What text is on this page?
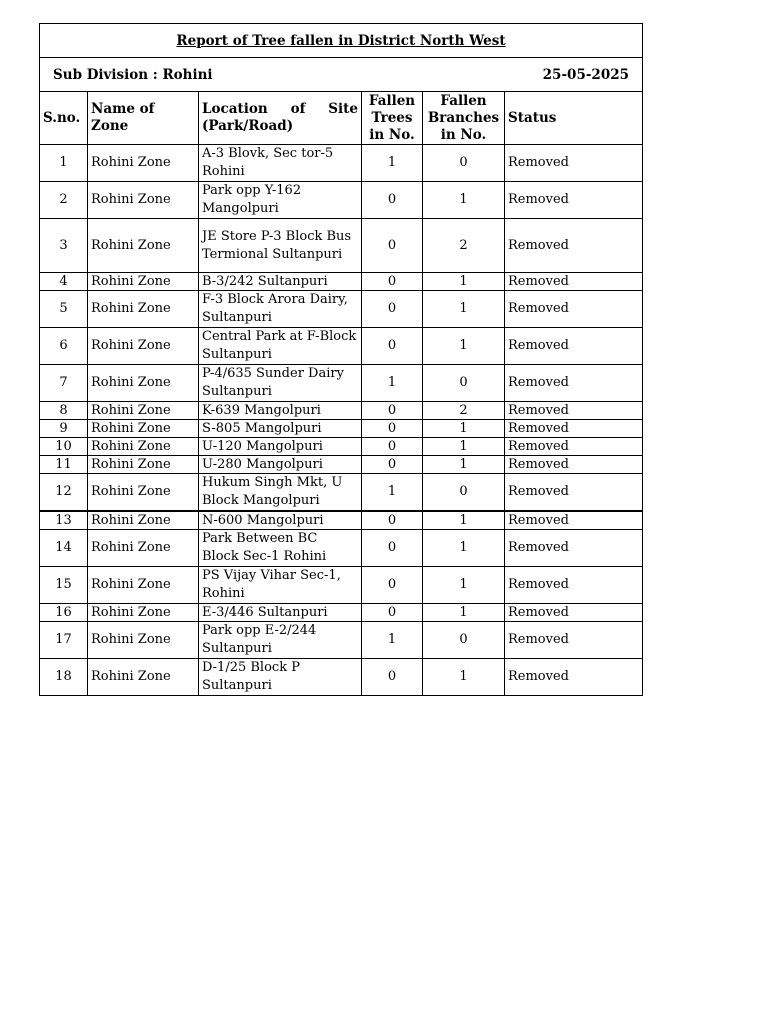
Report of Tree fallen in District North West					

Sub Division : Rohini 25-05-2025					

S.no.	Name of Zone	Location of Site (Park/Road)	Fallen Trees in No.	Fallen Branches in No.	Status
1	Rohini Zone	A-3 Blovk, Sec tor-5 Rohini	1	0	Removed
2	Rohini Zone	Park opp Y-162 Mangolpuri	0	1	Removed
3	Rohini Zone	JE Store P-3 Block Bus Termional Sultanpuri	0	2	Removed
4	Rohini Zone	B-3/242 Sultanpuri	0	1	Removed
5	Rohini Zone	F-3 Block Arora Dairy, Sultanpuri	0	1	Removed
6	Rohini Zone	Central Park at F-Block Sultanpuri	0	1	Removed
7	Rohini Zone	P-4/635 Sunder Dairy Sultanpuri	1	0	Removed
8	Rohini Zone	K-639 Mangolpuri	0	2	Removed
9	Rohini Zone	S-805 Mangolpuri	0	1	Removed
10	Rohini Zone	U-120 Mangolpuri	0	1	Removed
11	Rohini Zone	U-280 Mangolpuri	0	1	Removed
12	Rohini Zone	Hukum Singh Mkt, U Block Mangolpuri	1	0	Removed
13	Rohini Zone	N-600 Mangolpuri	0	1	Removed
14	Rohini Zone	Park Between BC Block Sec-1 Rohini	0	1	Removed
15	Rohini Zone	PS Vijay Vihar Sec-1, Rohini	0	1	Removed
16	Rohini Zone	E-3/446 Sultanpuri	0	1	Removed
17	Rohini Zone	Park opp E-2/244 Sultanpuri	1	0	Removed
18	Rohini Zone	D-1/25 Block P Sultanpuri	0	1	Removed
